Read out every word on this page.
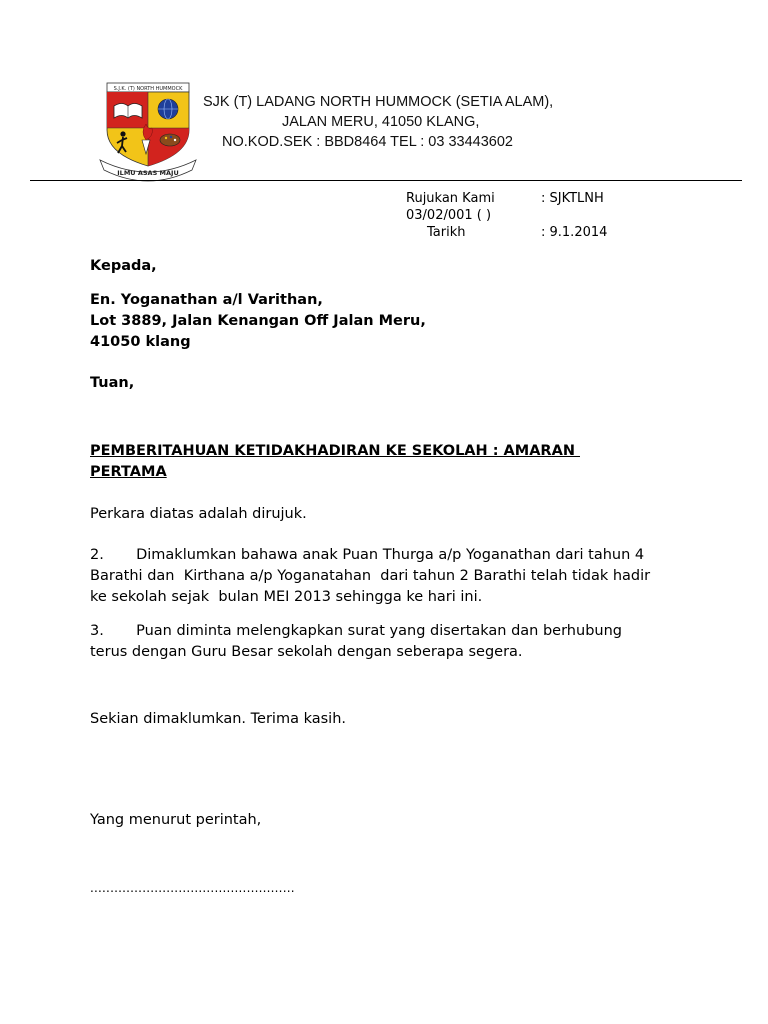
S.J.K. (T) NORTH HUMMOCK
ILMU ASAS MAJU
SJK (T) LADANG NORTH HUMMOCK (SETIA ALAM),
JALAN MERU, 41050 KLANG,
NO.KOD.SEK : BBD8464 TEL : 03 33443602
Rujukan Kami	: SJKTLNH
03/02/001 ( )
Tarikh	: 9.1.2014
Kepada,
En. Yoganathan a/l Varithan,
Lot 3889, Jalan Kenangan Off Jalan Meru,
41050 klang
Tuan,
PEMBERITAHUAN KETIDAKHADIRAN KE SEKOLAH : AMARAN
PERTAMA
Perkara diatas adalah dirujuk.
2.       Dimaklumkan bahawa anak Puan Thurga a/p Yoganathan dari tahun 4
Barathi dan  Kirthana a/p Yoganatahan  dari tahun 2 Barathi telah tidak hadir
ke sekolah sejak  bulan MEI 2013 sehingga ke hari ini.
3.       Puan diminta melengkapkan surat yang disertakan dan berhubung
terus dengan Guru Besar sekolah dengan seberapa segera.
Sekian dimaklumkan. Terima kasih.
Yang menurut perintah,
...................................................
